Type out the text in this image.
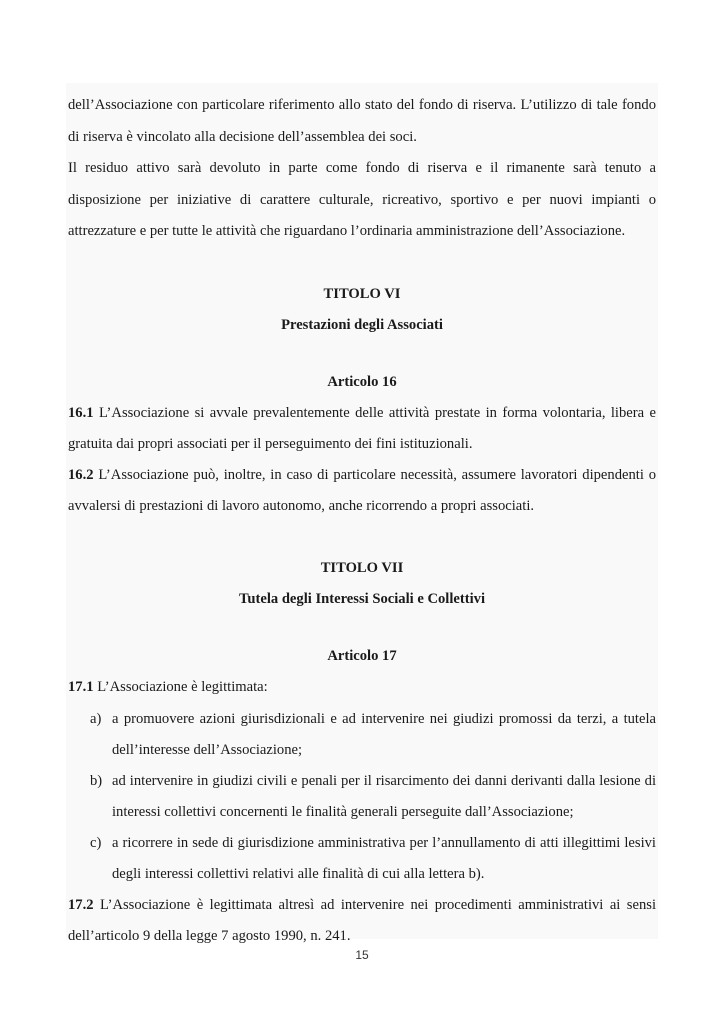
dell’Associazione con particolare riferimento allo stato del fondo di riserva. L’utilizzo di tale fondo
di riserva è vincolato alla decisione dell’assemblea dei soci.
Il residuo attivo sarà devoluto in parte come fondo di riserva e il rimanente sarà tenuto a
disposizione per iniziative di carattere culturale, ricreativo, sportivo e per nuovi impianti o
attrezzature e per tutte le attività che riguardano l’ordinaria amministrazione dell’Associazione.
TITOLO VI
Prestazioni degli Associati
Articolo 16
16.1 L’Associazione si avvale prevalentemente delle attività prestate in forma volontaria, libera e
gratuita dai propri associati per il perseguimento dei fini istituzionali.
16.2 L’Associazione può, inoltre, in caso di particolare necessità, assumere lavoratori dipendenti o
avvalersi di prestazioni di lavoro autonomo, anche ricorrendo a propri associati.
TITOLO VII
Tutela degli Interessi Sociali e Collettivi
Articolo 17
17.1 L’Associazione è legittimata:
a) a promuovere azioni giurisdizionali e ad intervenire nei giudizi promossi da terzi, a tutela
dell’interesse dell’Associazione;
b) ad intervenire in giudizi civili e penali per il risarcimento dei danni derivanti dalla lesione di
interessi collettivi concernenti le finalità generali perseguite dall’Associazione;
c) a ricorrere in sede di giurisdizione amministrativa per l’annullamento di atti illegittimi lesivi
degli interessi collettivi relativi alle finalità di cui alla lettera b).
17.2 L’Associazione è legittimata altresì ad intervenire nei procedimenti amministrativi ai sensi
dell’articolo 9 della legge 7 agosto 1990, n. 241.
15
